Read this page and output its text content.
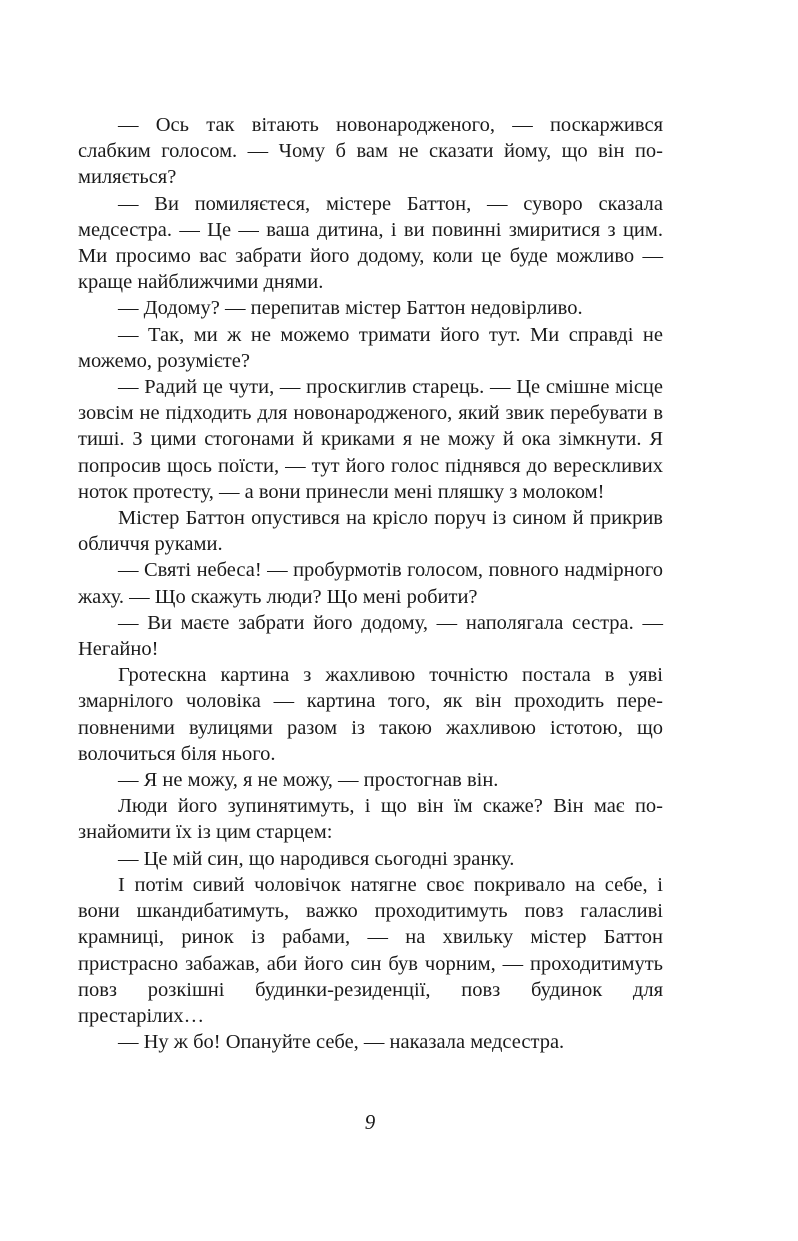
— Ось так вітають новонародженого, — поскаржився слабким голосом. — Чому б вам не сказати йому, що він помиляється?

— Ви помиляєтеся, містере Баттон, — суворо сказала медсестра. — Це — ваша дитина, і ви повинні змиритися з цим. Ми просимо вас забрати його додому, коли це буде можливо — краще найближчими днями.

— Додому? — перепитав містер Баттон недовірливо.

— Так, ми ж не можемо тримати його тут. Ми справді не можемо, розумієте?

— Радий це чути, — проскиглив старець. — Це смішне місце зовсім не підходить для новонародженого, який звик перебувати в тиші. З цими стогонами й криками я не можу й ока зімкнути. Я попросив щось поїсти, — тут його голос піднявся до верескливих ноток протесту, — а вони принесли мені пляшку з молоком!

Містер Баттон опустився на крісло поруч із сином й прикрив обличчя руками.

— Святі небеса! — пробурмотів голосом, повного надмірного жаху. — Що скажуть люди? Що мені робити?

— Ви маєте забрати його додому, — наполягала сестра. — Негайно!

Гротескна картина з жахливою точністю постала в уяві змарнілого чоловіка — картина того, як він проходить переповненими вулицями разом із такою жахливою істотою, що волочиться біля нього.

— Я не можу, я не можу, — простогнав він.

Люди його зупинятимуть, і що він їм скаже? Він має познайомити їх із цим старцем:

— Це мій син, що народився сьогодні зранку.

І потім сивий чоловічок натягне своє покривало на себе, і вони шкандибатимуть, важко проходитимуть повз галасливі крамниці, ринок із рабами, — на хвильку містер Баттон пристрасно забажав, аби його син був чорним, — проходитимуть повз розкішні будинки-резиденції, повз будинок для престарілих…

— Ну ж бо! Опануйте себе, — наказала медсестра.

9
